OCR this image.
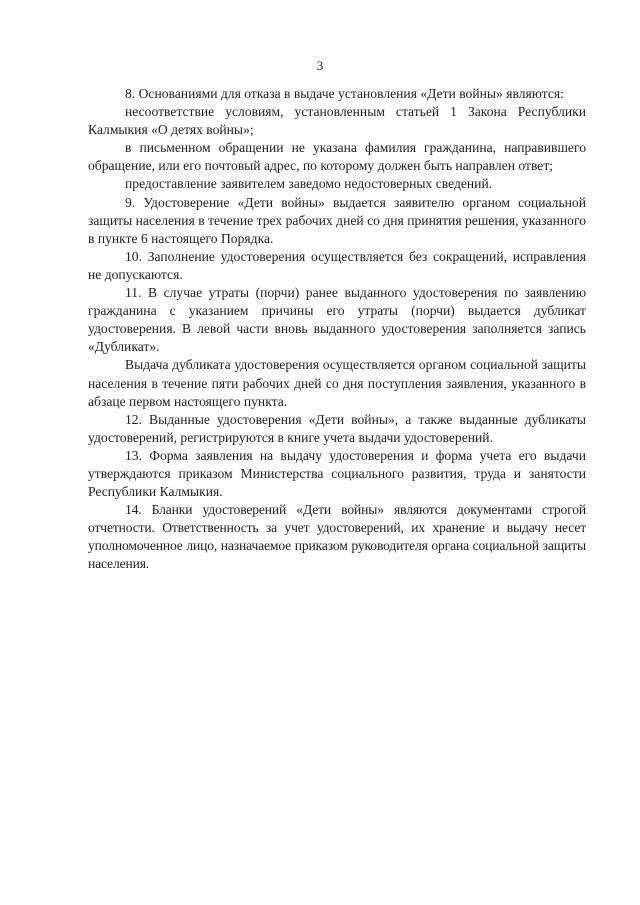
3

8. Основаниями для отказа в выдаче установления «Дети войны» являются:

несоответствие условиям, установленным статьей 1 Закона Республики Калмыкия «О детях войны»;

в письменном обращении не указана фамилия гражданина, направившего обращение, или его почтовый адрес, по которому должен быть направлен ответ;

предоставление заявителем заведомо недостоверных сведений.

9. Удостоверение «Дети войны» выдается заявителю органом социальной защиты населения в течение трех рабочих дней со дня принятия решения, указанного в пункте 6 настоящего Порядка.

10. Заполнение удостоверения осуществляется без сокращений, исправления не допускаются.

11. В случае утраты (порчи) ранее выданного удостоверения по заявлению гражданина с указанием причины его утраты (порчи) выдается дубликат удостоверения. В левой части вновь выданного удостоверения заполняется запись «Дубликат».

Выдача дубликата удостоверения осуществляется органом социальной защиты населения в течение пяти рабочих дней со дня поступления заявления, указанного в абзаце первом настоящего пункта.

12. Выданные удостоверения «Дети войны», а также выданные дубликаты удостоверений, регистрируются в книге учета выдачи удостоверений.

13. Форма заявления на выдачу удостоверения и форма учета его выдачи утверждаются приказом Министерства социального развития, труда и занятости Республики Калмыкия.

14. Бланки удостоверений «Дети войны» являются документами строгой отчетности. Ответственность за учет удостоверений, их хранение и выдачу несет уполномоченное лицо, назначаемое приказом руководителя органа социальной защиты населения.
